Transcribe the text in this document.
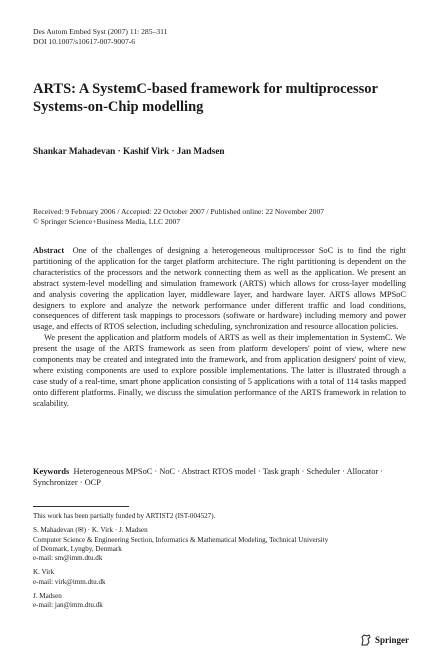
Des Autom Embed Syst (2007) 11: 285–311
DOI 10.1007/s10617-007-9007-6
ARTS: A SystemC-based framework for multiprocessor
Systems-on-Chip modelling
Shankar Mahadevan · Kashif Virk · Jan Madsen
Received: 9 February 2006 / Accepted: 22 October 2007 / Published online: 22 November 2007
© Springer Science+Business Media, LLC 2007

Abstract One of the challenges of designing a heterogeneous multiprocessor SoC is to find the right partitioning of the application for the target platform architecture. The right partitioning is dependent on the characteristics of the processors and the network connecting them as well as the application. We present an abstract system-level modelling and simulation framework (ARTS) which allows for cross-layer modelling and analysis covering the application layer, middleware layer, and hardware layer. ARTS allows MPSoC designers to explore and analyze the network performance under different traffic and load conditions, consequences of different task mappings to processors (software or hardware) including memory and power usage, and effects of RTOS selection, including scheduling, synchronization and resource allocation policies.

We present the application and platform models of ARTS as well as their implementation in SystemC. We present the usage of the ARTS framework as seen from platform developers' point of view, where new components may be created and integrated into the framework, and from application designers' point of view, where existing components are used to explore possible implementations. The latter is illustrated through a case study of a real-time, smart phone application consisting of 5 applications with a total of 114 tasks mapped onto different platforms. Finally, we discuss the simulation performance of the ARTS framework in relation to scalability.

Keywords Heterogeneous MPSoC · NoC · Abstract RTOS model · Task graph · Scheduler · Allocator · Synchronizer · OCP
This work has been partially funded by ARTIST2 (IST-004527).
S. Mahadevan (✉) · K. Virk · J. Madsen
Computer Science & Engineering Section, Informatics & Mathematical Modeling, Technical University
of Denmark, Lyngby, Denmark
e-mail: sm@imm.dtu.dk
K. Virk
e-mail: virk@imm.dtu.dk
J. Madsen
e-mail: jan@imm.dtu.dk
Springer
